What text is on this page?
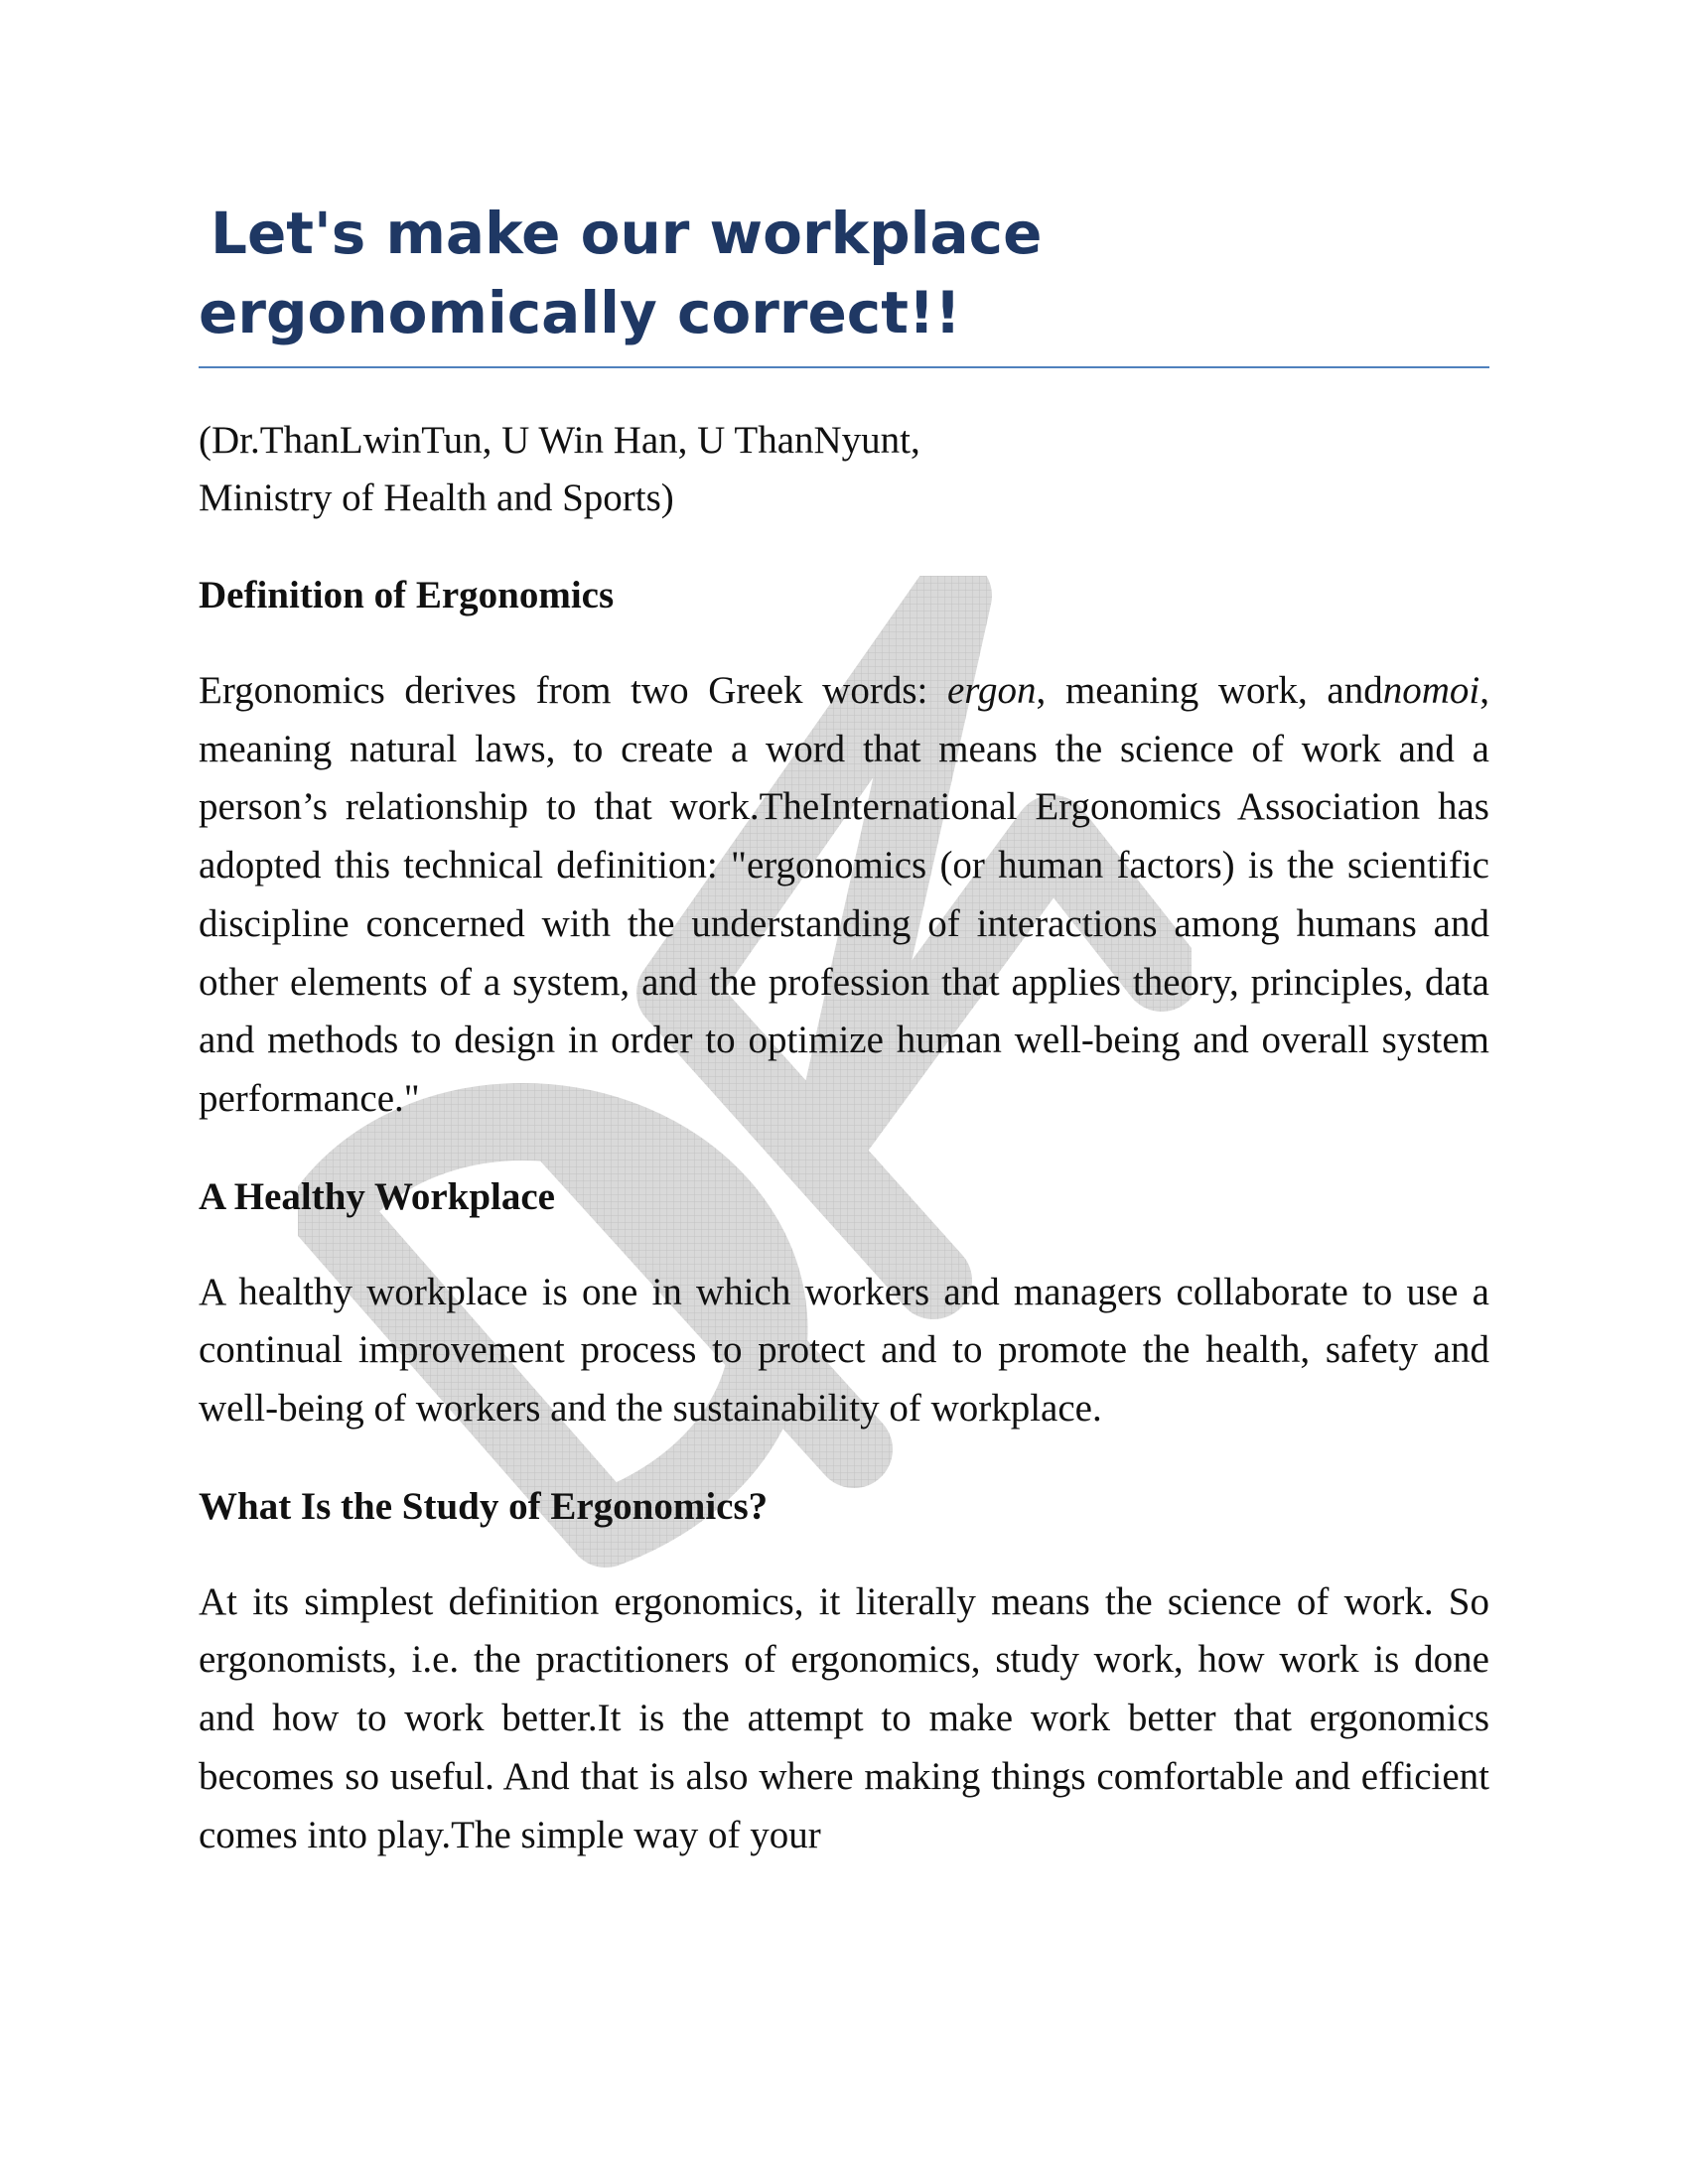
Let's make our workplace ergonomically correct!!
(Dr.ThanLwinTun, U Win Han, U ThanNyunt,
Ministry of Health and Sports)
Definition of Ergonomics

Ergonomics derives from two Greek words: ergon, meaning work, andnomoi, meaning natural laws, to create a word that means the science of work and a person’s relationship to that work.TheInternational Ergonomics Association has adopted this technical definition: "ergonomics (or human factors) is the scientific discipline concerned with the understanding of interactions among humans and other elements of a system, and the profession that applies theory, principles, data and methods to design in order to optimize human well-being and overall system performance."

A Healthy Workplace

A healthy workplace is one in which workers and managers collaborate to use a continual improvement process to protect and to promote the health, safety and well-being of workers and the sustainability of workplace.

What Is the Study of Ergonomics?

At its simplest definition ergonomics, it literally means the science of work. So ergonomists, i.e. the practitioners of ergonomics, study work, how work is done and how to work better.It is the attempt to make work better that ergonomics becomes so useful. And that is also where making things comfortable and efficient comes into play.The simple way of your
